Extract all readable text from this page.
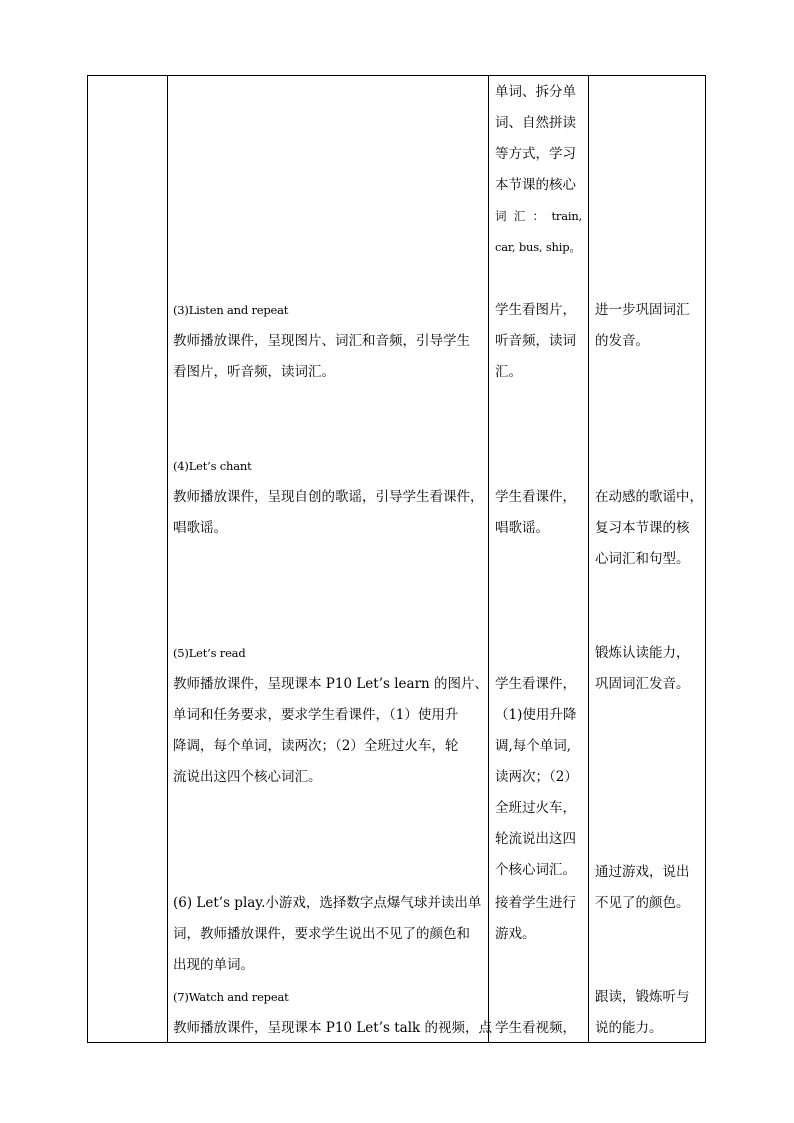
单词、拆分单
词、自然拼读
等方式，学习
本节课的核心
词 汇 ： train,
car, bus, ship。
(3)Listen and repeat
教师播放课件，呈现图片、词汇和音频，引导学生
看图片，听音频，读词汇。
学生看图片，
听音频，读词
汇。
进一步巩固词汇
的发音。
(4)Let’s chant
教师播放课件，呈现自创的歌谣，引导学生看课件，
唱歌谣。
学生看课件，
唱歌谣。
在动感的歌谣中，
复习本节课的核
心词汇和句型。
(5)Let’s read
教师播放课件，呈现课本 P10 Let’s learn 的图片、
单词和任务要求，要求学生看课件，（1）使用升
降调，每个单词，读两次；（2）全班过火车，轮
流说出这四个核心词汇。
学生看课件，
（1)使用升降
调,每个单词,
读两次；（2）
全班过火车，
轮流说出这四
个核心词汇。
锻炼认读能力，
巩固词汇发音。
(6) Let’s play.小游戏，选择数字点爆气球并读出单
词，教师播放课件，要求学生说出不见了的颜色和
出现的单词。
接着学生进行
游戏。
通过游戏，说出
不见了的颜色。
(7)Watch and repeat
教师播放课件，呈现课本 P10 Let’s talk 的视频，点 学生看视频，
跟读，锻炼听与
说的能力。
